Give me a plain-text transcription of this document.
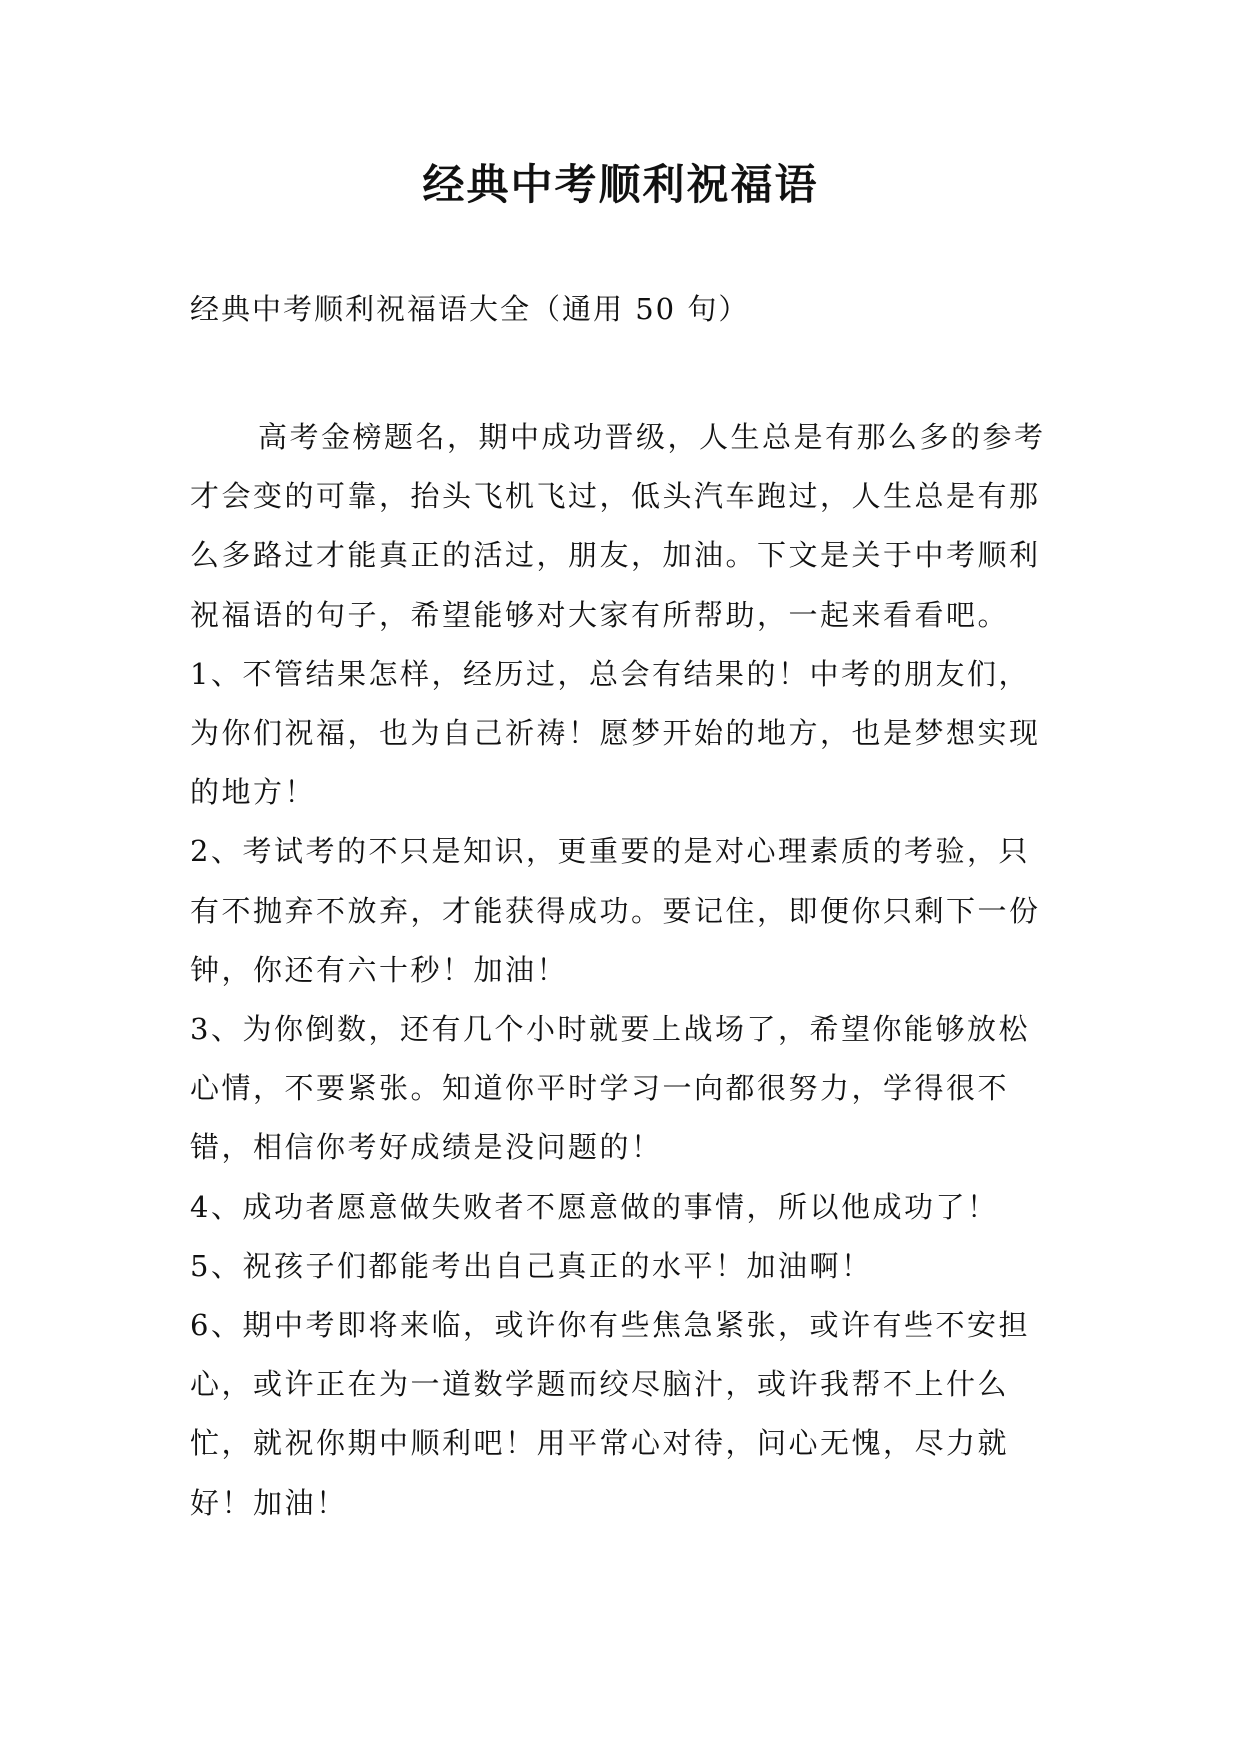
经典中考顺利祝福语
经典中考顺利祝福语大全（通用 50 句）

高考金榜题名，期中成功晋级，人生总是有那么多的参考才会变的可靠，抬头飞机飞过，低头汽车跑过，人生总是有那么多路过才能真正的活过，朋友，加油。下文是关于中考顺利祝福语的句子，希望能够对大家有所帮助，一起来看看吧。

1、不管结果怎样，经历过，总会有结果的！中考的朋友们，为你们祝福，也为自己祈祷！愿梦开始的地方，也是梦想实现的地方！

2、考试考的不只是知识，更重要的是对心理素质的考验，只有不抛弃不放弃，才能获得成功。要记住，即便你只剩下一份钟，你还有六十秒！加油！

3、为你倒数，还有几个小时就要上战场了，希望你能够放松心情，不要紧张。知道你平时学习一向都很努力，学得很不错，相信你考好成绩是没问题的！

4、成功者愿意做失败者不愿意做的事情，所以他成功了！

5、祝孩子们都能考出自己真正的水平！加油啊！

6、期中考即将来临，或许你有些焦急紧张，或许有些不安担心，或许正在为一道数学题而绞尽脑汁，或许我帮不上什么忙，就祝你期中顺利吧！用平常心对待，问心无愧，尽力就好！加油！
